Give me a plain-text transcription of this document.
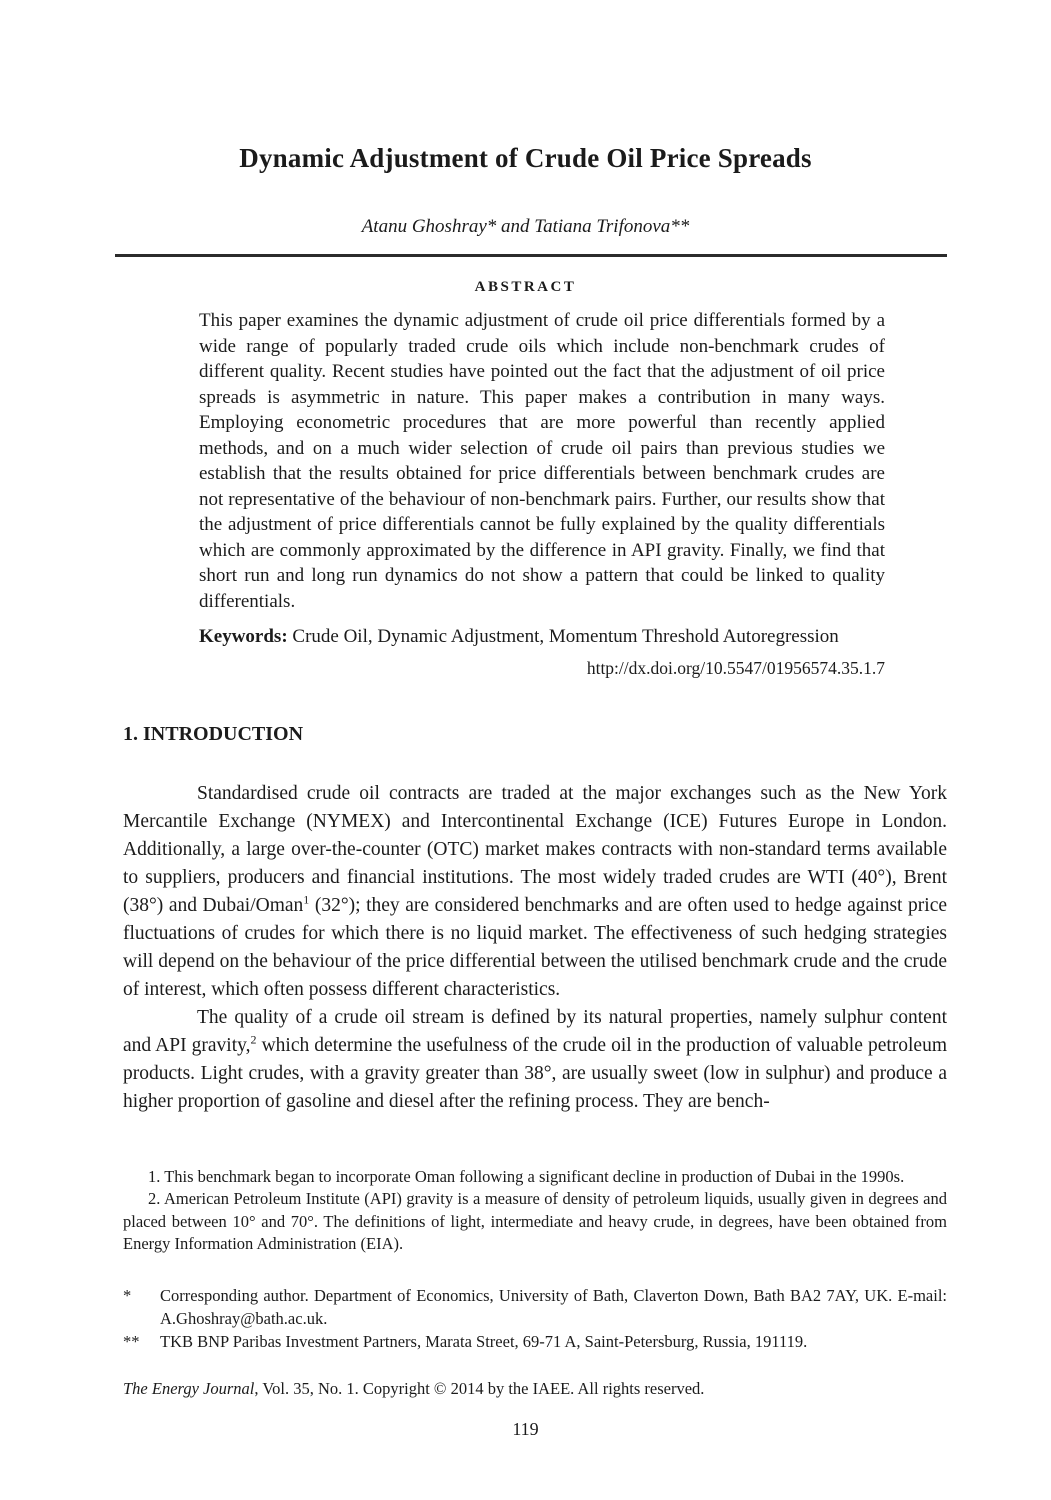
Dynamic Adjustment of Crude Oil Price Spreads
Atanu Ghoshray* and Tatiana Trifonova**
ABSTRACT

This paper examines the dynamic adjustment of crude oil price differentials formed by a wide range of popularly traded crude oils which include non-benchmark crudes of different quality. Recent studies have pointed out the fact that the adjustment of oil price spreads is asymmetric in nature. This paper makes a contribution in many ways. Employing econometric procedures that are more powerful than recently applied methods, and on a much wider selection of crude oil pairs than previous studies we establish that the results obtained for price differentials between benchmark crudes are not representative of the behaviour of non-benchmark pairs. Further, our results show that the adjustment of price differentials cannot be fully explained by the quality differentials which are commonly approximated by the difference in API gravity. Finally, we find that short run and long run dynamics do not show a pattern that could be linked to quality differentials.

Keywords: Crude Oil, Dynamic Adjustment, Momentum Threshold Autoregression

http://dx.doi.org/10.5547/01956574.35.1.7
1. INTRODUCTION

Standardised crude oil contracts are traded at the major exchanges such as the New York Mercantile Exchange (NYMEX) and Intercontinental Exchange (ICE) Futures Europe in London. Additionally, a large over-the-counter (OTC) market makes contracts with non-standard terms available to suppliers, producers and financial institutions. The most widely traded crudes are WTI (40°), Brent (38°) and Dubai/Oman$^1$ (32°); they are considered benchmarks and are often used to hedge against price fluctuations of crudes for which there is no liquid market. The effectiveness of such hedging strategies will depend on the behaviour of the price differential between the utilised benchmark crude and the crude of interest, which often possess different characteristics.

The quality of a crude oil stream is defined by its natural properties, namely sulphur content and API gravity,$^2$ which determine the usefulness of the crude oil in the production of valuable petroleum products. Light crudes, with a gravity greater than 38°, are usually sweet (low in sulphur) and produce a higher proportion of gasoline and diesel after the refining process. They are bench-

1. This benchmark began to incorporate Oman following a significant decline in production of Dubai in the 1990s.

2. American Petroleum Institute (API) gravity is a measure of density of petroleum liquids, usually given in degrees and placed between 10° and 70°. The definitions of light, intermediate and heavy crude, in degrees, have been obtained from Energy Information Administration (EIA).

*	Corresponding author. Department of Economics, University of Bath, Claverton Down, Bath BA2 7AY, UK. E-mail: A.Ghoshray@bath.ac.uk.
**	TKB BNP Paribas Investment Partners, Marata Street, 69-71 A, Saint-Petersburg, Russia, 191119.
The Energy Journal, Vol. 35, No. 1. Copyright © 2014 by the IAEE. All rights reserved.
119
